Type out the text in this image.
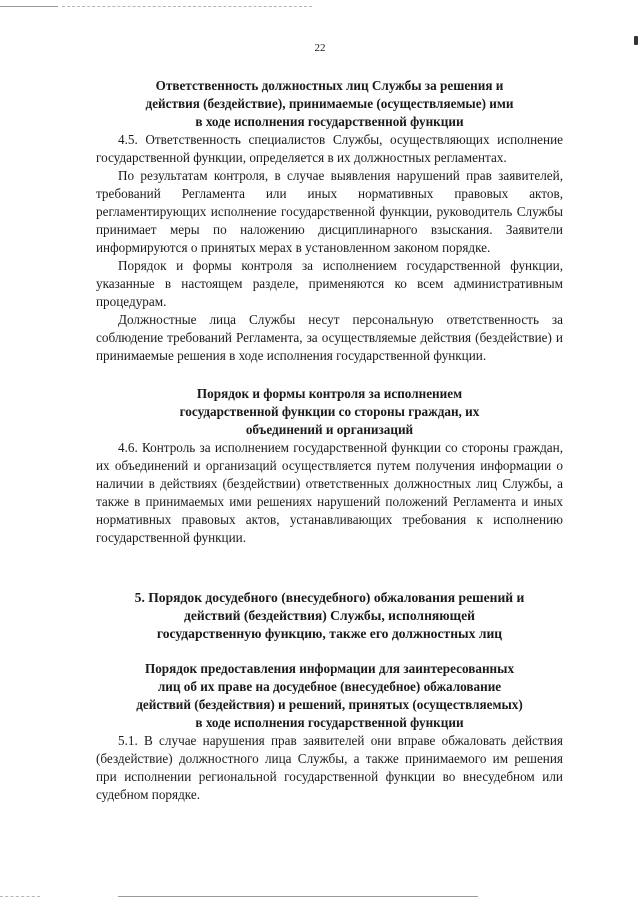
22
Ответственность должностных лиц Службы за решения и
действия (бездействие), принимаемые (осуществляемые) ими
в ходе исполнения государственной функции

4.5. Ответственность специалистов Службы, осуществляющих исполнение государственной функции, определяется в их должностных регламентах.

По результатам контроля, в случае выявления нарушений прав заявителей, требований Регламента или иных нормативных правовых актов, регламентирующих исполнение государственной функции, руководитель Службы принимает меры по наложению дисциплинарного взыскания. Заявители информируются о принятых мерах в установленном законом порядке.

Порядок и формы контроля за исполнением государственной функции, указанные в настоящем разделе, применяются ко всем административным процедурам.

Должностные лица Службы несут персональную ответственность за соблюдение требований Регламента, за осуществляемые действия (бездействие) и принимаемые решения в ходе исполнения государственной функции.

Порядок и формы контроля за исполнением
государственной функции со стороны граждан, их
объединений и организаций

4.6. Контроль за исполнением государственной функции со стороны граждан, их объединений и организаций осуществляется путем получения информации о наличии в действиях (бездействии) ответственных должностных лиц Службы, а также в принимаемых ими решениях нарушений положений Регламента и иных нормативных правовых актов, устанавливающих требования к исполнению государственной функции.

5. Порядок досудебного (внесудебного) обжалования решений и
действий (бездействия) Службы, исполняющей
государственную функцию, также его должностных лиц
Порядок предоставления информации для заинтересованных
лиц об их праве на досудебное (внесудебное) обжалование
действий (бездействия) и решений, принятых (осуществляемых)
в ходе исполнения государственной функции

5.1. В случае нарушения прав заявителей они вправе обжаловать действия (бездействие) должностного лица Службы, а также принимаемого им решения при исполнении региональной государственной функции во внесудебном или судебном порядке.
